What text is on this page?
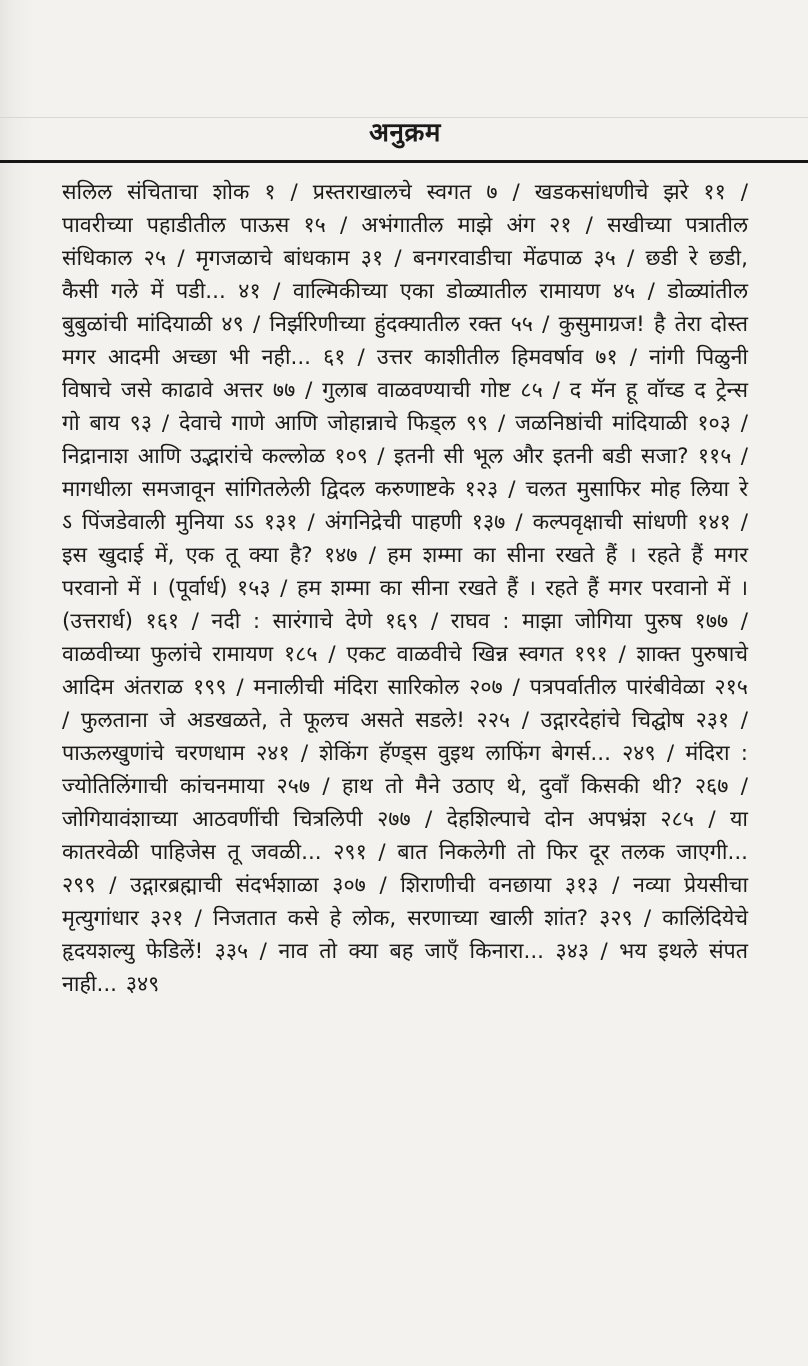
अनुक्रम

सलिल संचिताचा शोक १ / प्रस्तराखालचे स्वगत ७ / खडकसांधणीचे झरे ११ / पावरीच्या पहाडीतील पाऊस १५ / अभंगातील माझे अंग २१ / सखीच्या पत्रातील संधिकाल २५ / मृगजळाचे बांधकाम ३१ / बनगरवाडीचा मेंढपाळ ३५ / छडी रे छडी, कैसी गले में पडी... ४१ / वाल्मिकीच्या एका डोळ्यातील रामायण ४५ / डोळ्यांतील बुबुळांची मांदियाळी ४९ / निर्झरिणीच्या हुंदक्यातील रक्त ५५ / कुसुमाग्रज! है तेरा दोस्त मगर आदमी अच्छा भी नही... ६१ / उत्तर काशीतील हिमवर्षाव ७१ / नांगी पिळुनी विषाचे जसे काढावे अत्तर ७७ / गुलाब वाळवण्याची गोष्ट ८५ / द मॅन हू वॉच्ड द ट्रेन्स गो बाय ९३ / देवाचे गाणे आणि जोहान्नाचे फिड्ल ९९ / जळनिष्ठांची मांदियाळी १०३ / निद्रानाश आणि उद्भारांचे कल्लोळ १०९ / इतनी सी भूल और इतनी बडी सजा? ११५ / मागधीला समजावून सांगितलेली द्विदल करुणाष्टके १२३ / चलत मुसाफिर मोह लिया रे ऽ पिंजडेवाली मुनिया ऽऽ १३१ / अंगनिद्रेची पाहणी १३७ / कल्पवृक्षाची सांधणी १४१ / इस खुदाई में, एक तू क्या है? १४७ / हम शम्मा का सीना रखते हैं । रहते हैं मगर परवानो में । (पूर्वार्ध) १५३ / हम शम्मा का सीना रखते हैं । रहते हैं मगर परवानो में । (उत्तरार्ध) १६१ / नदी : सारंगाचे देणे १६९ / राघव : माझा जोगिया पुरुष १७७ / वाळवीच्या फुलांचे रामायण १८५ / एकट वाळवीचे खिन्न स्वगत १९१ / शाक्त पुरुषाचे आदिम अंतराळ १९९ / मनालीची मंदिरा सारिकोल २०७ / पत्रपर्वातील पारंबीवेळा २१५ / फुलताना जे अडखळते, ते फूलच असते सडले! २२५ / उद्गारदेहांचे चिद्घोष २३१ / पाऊलखुणांचे चरणधाम २४१ / शेकिंग हॅण्ड्स वुइथ लाफिंग बेगर्स... २४९ / मंदिरा : ज्योतिलिंगाची कांचनमाया २५७ / हाथ तो मैने उठाए थे, दुवाँ किसकी थी? २६७ / जोगियावंशाच्या आठवणींची चित्रलिपी २७७ / देहशिल्पाचे दोन अपभ्रंश २८५ / या कातरवेळी पाहिजेस तू जवळी... २९१ / बात निकलेगी तो फिर दूर तलक जाएगी... २९९ / उद्गारब्रह्माची संदर्भशाळा ३०७ / शिराणीची वनछाया ३१३ / नव्या प्रेयसीचा मृत्युगांधार ३२१ / निजतात कसे हे लोक, सरणाच्या खाली शांत? ३२९ / कालिंदियेचे हृदयशल्यु फेडिलें! ३३५ / नाव तो क्या बह जाएँ किनारा... ३४३ / भय इथले संपत नाही... ३४९
